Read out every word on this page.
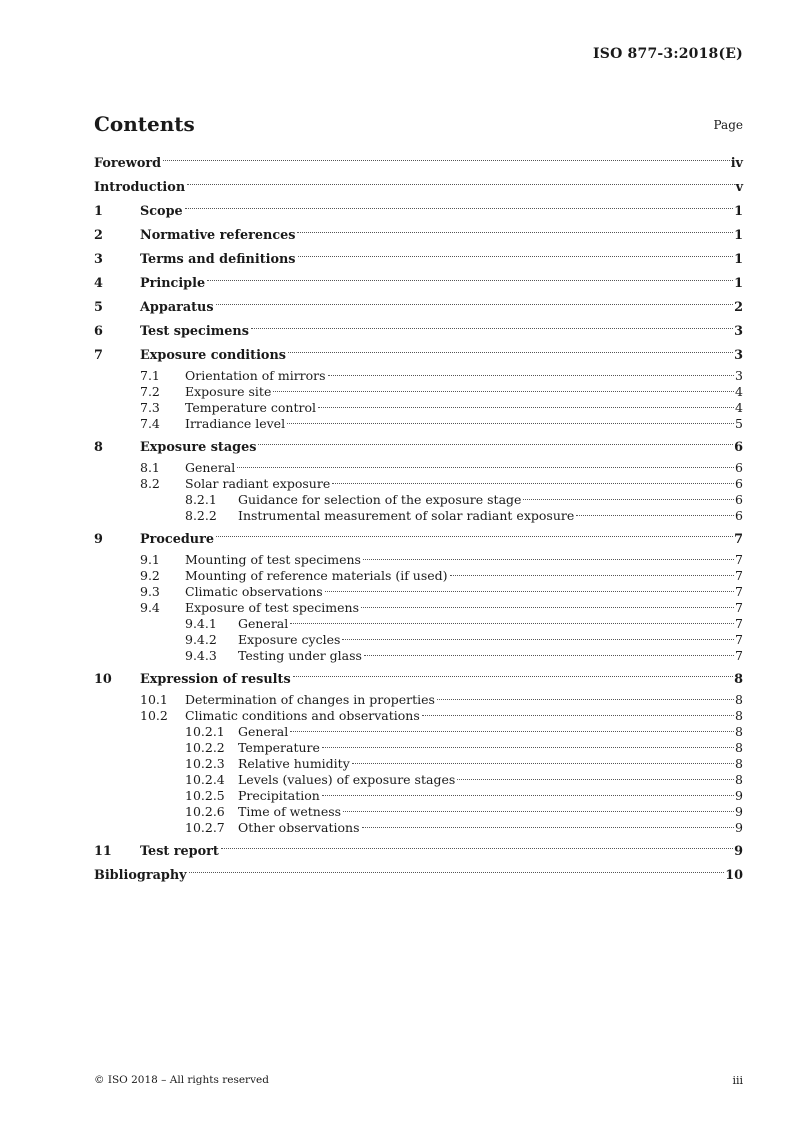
ISO 877-3:2018(E)
Contents	Page
Foreword	iv
Introduction	v
1	Scope	1
2	Normative references	1
3	Terms and definitions	1
4	Principle	1
5	Apparatus	2
6	Test specimens	3
7	Exposure conditions	3
7.1 Orientation of mirrors	3
7.2 Exposure site	4
7.3 Temperature control	4
7.4 Irradiance level	5
8	Exposure stages	6
8.1 General	6
8.2 Solar radiant exposure	6
8.2.1 Guidance for selection of the exposure stage	6
8.2.2 Instrumental measurement of solar radiant exposure	6
9	Procedure	7
9.1 Mounting of test specimens	7
9.2 Mounting of reference materials (if used)	7
9.3 Climatic observations	7
9.4 Exposure of test specimens	7
9.4.1 General	7
9.4.2 Exposure cycles	7
9.4.3 Testing under glass	7
10 Expression of results	8
10.1 Determination of changes in properties	8
10.2 Climatic conditions and observations	8
10.2.1 General	8
10.2.2 Temperature	8
10.2.3 Relative humidity	8
10.2.4 Levels (values) of exposure stages	8
10.2.5 Precipitation	9
10.2.6 Time of wetness	9
10.2.7 Other observations	9
11 Test report	9
Bibliography	10
© ISO 2018 – All rights reserved	iii
